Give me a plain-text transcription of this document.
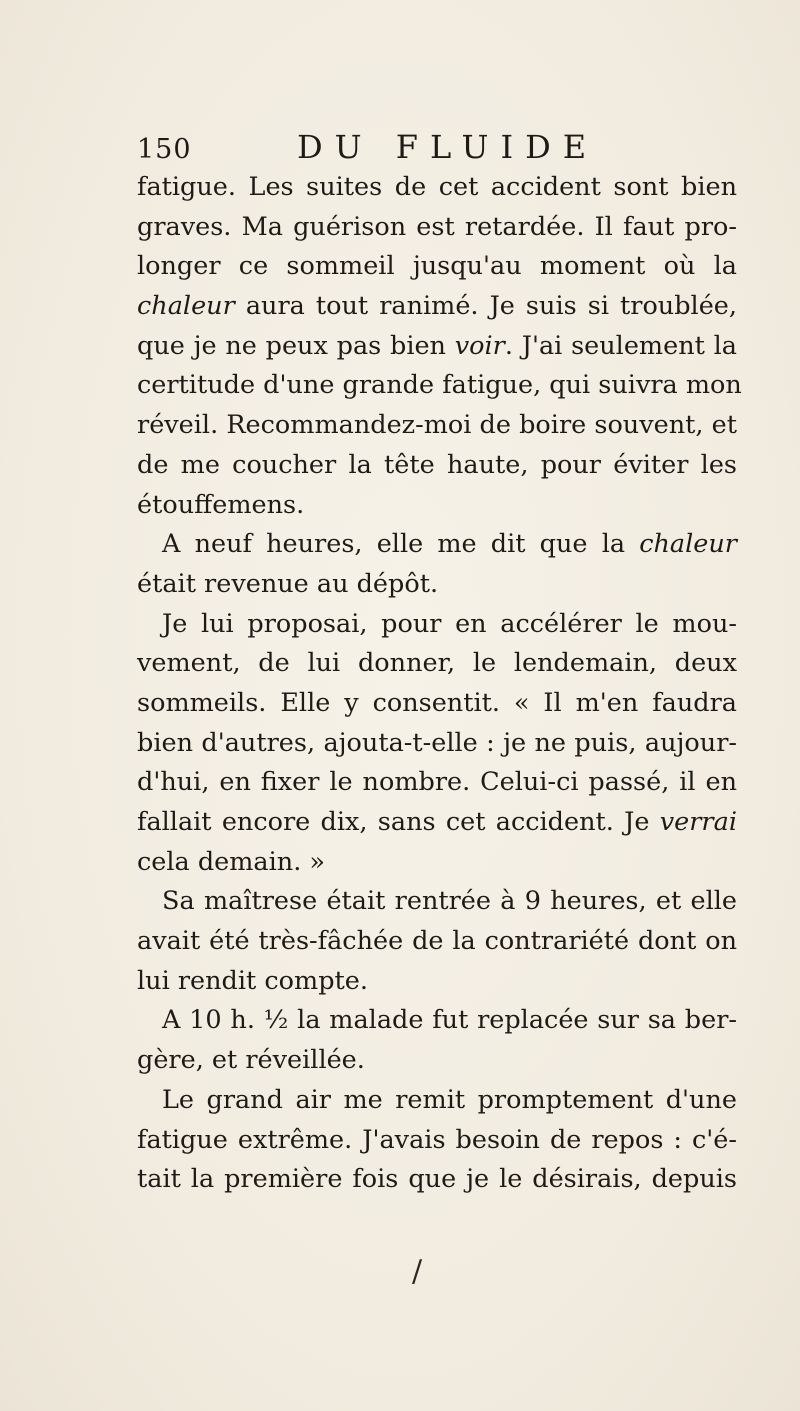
150	DU FLUIDE
fatigue. Les suites de cet accident sont bien
graves. Ma guérison est retardée. Il faut pro-
longer ce sommeil jusqu'au moment où la
chaleur aura tout ranimé. Je suis si troublée,
que je ne peux pas bien voir. J'ai seulement la
certitude d'une grande fatigue, qui suivra mon
réveil. Recommandez-moi de boire souvent, et
de me coucher la tête haute, pour éviter les
étouffemens.
A neuf heures, elle me dit que la chaleur
était revenue au dépôt.
Je lui proposai, pour en accélérer le mou-
vement, de lui donner, le lendemain, deux
sommeils. Elle y consentit. « Il m'en faudra
bien d'autres, ajouta-t-elle : je ne puis, aujour-
d'hui, en fixer le nombre. Celui-ci passé, il en
fallait encore dix, sans cet accident. Je verrai
cela demain. »
Sa maîtrese était rentrée à 9 heures, et elle
avait été très-fâchée de la contrariété dont on
lui rendit compte.
A 10 h. ½ la malade fut replacée sur sa ber-
gère, et réveillée.
Le grand air me remit promptement d'une
fatigue extrême. J'avais besoin de repos : c'é-
tait la première fois que je le désirais, depuis
/
